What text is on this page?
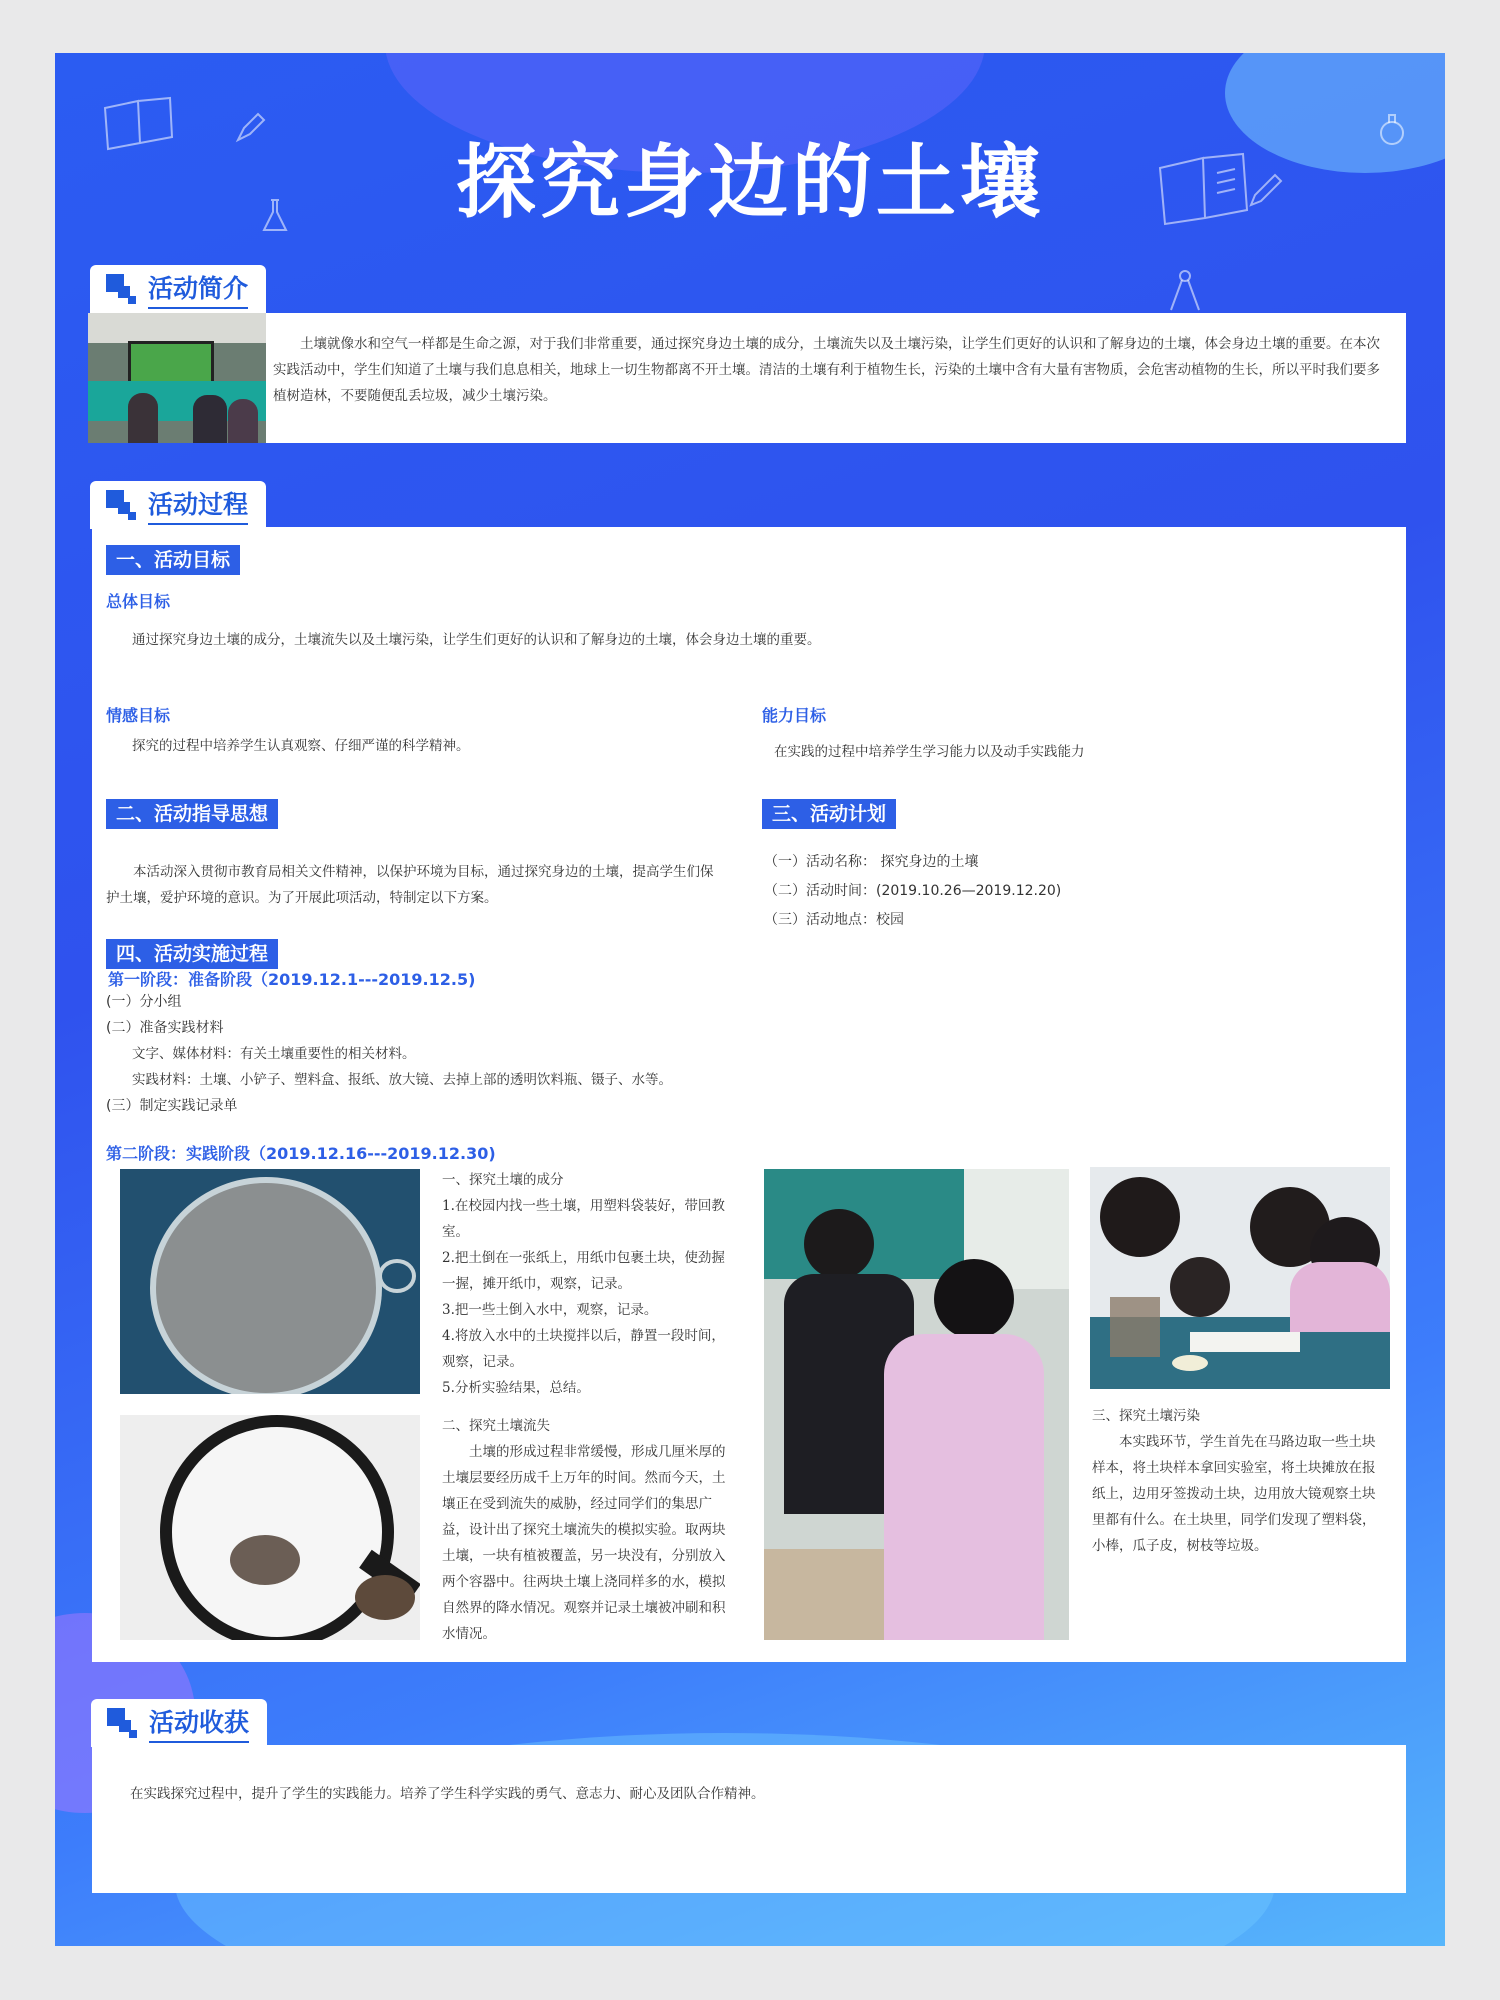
探究身边的土壤
活动简介
土壤就像水和空气一样都是生命之源，对于我们非常重要，通过探究身边土壤的成分，土壤流失以及土壤污染，让学生们更好的认识和了解身边的土壤，体会身边土壤的重要。在本次实践活动中，学生们知道了土壤与我们息息相关，地球上一切生物都离不开土壤。清洁的土壤有利于植物生长，污染的土壤中含有大量有害物质，会危害动植物的生长，所以平时我们要多植树造林，不要随便乱丢垃圾，减少土壤污染。
活动过程
一、活动目标
总体目标
通过探究身边土壤的成分，土壤流失以及土壤污染，让学生们更好的认识和了解身边的土壤，体会身边土壤的重要。
情感目标
探究的过程中培养学生认真观察、仔细严谨的科学精神。
能力目标
在实践的过程中培养学生学习能力以及动手实践能力
二、活动指导思想
本活动深入贯彻市教育局相关文件精神，以保护环境为目标，通过探究身边的土壤，提高学生们保护土壤，爱护环境的意识。为了开展此项活动，特制定以下方案。
三、活动计划
（一）活动名称： 探究身边的土壤
（二）活动时间：(2019.10.26—2019.12.20)
（三）活动地点：校园
四、活动实施过程
第一阶段：准备阶段（2019.12.1---2019.12.5)
(一）分小组
(二）准备实践材料
文字、媒体材料：有关土壤重要性的相关材料。
实践材料：土壤、小铲子、塑料盒、报纸、放大镜、去掉上部的透明饮料瓶、镊子、水等。
(三）制定实践记录单
第二阶段：实践阶段（2019.12.16---2019.12.30)
一、探究土壤的成分
1.在校园内找一些土壤，用塑料袋装好，带回教室。
2.把土倒在一张纸上，用纸巾包裹土块，使劲握一握，摊开纸巾，观察，记录。
3.把一些土倒入水中，观察，记录。
4.将放入水中的土块搅拌以后，静置一段时间，观察，记录。
5.分析实验结果，总结。
二、探究土壤流失
土壤的形成过程非常缓慢，形成几厘米厚的土壤层要经历成千上万年的时间。然而今天，土壤正在受到流失的威胁，经过同学们的集思广益，设计出了探究土壤流失的模拟实验。取两块土壤，一块有植被覆盖，另一块没有，分别放入两个容器中。往两块土壤上浇同样多的水，模拟自然界的降水情况。观察并记录土壤被冲刷和积水情况。
三、探究土壤污染
本实践环节，学生首先在马路边取一些土块样本，将土块样本拿回实验室，将土块摊放在报纸上，边用牙签拨动土块，边用放大镜观察土块里都有什么。在土块里，同学们发现了塑料袋，小棒，瓜子皮，树枝等垃圾。
活动收获
在实践探究过程中，提升了学生的实践能力。培养了学生科学实践的勇气、意志力、耐心及团队合作精神。
